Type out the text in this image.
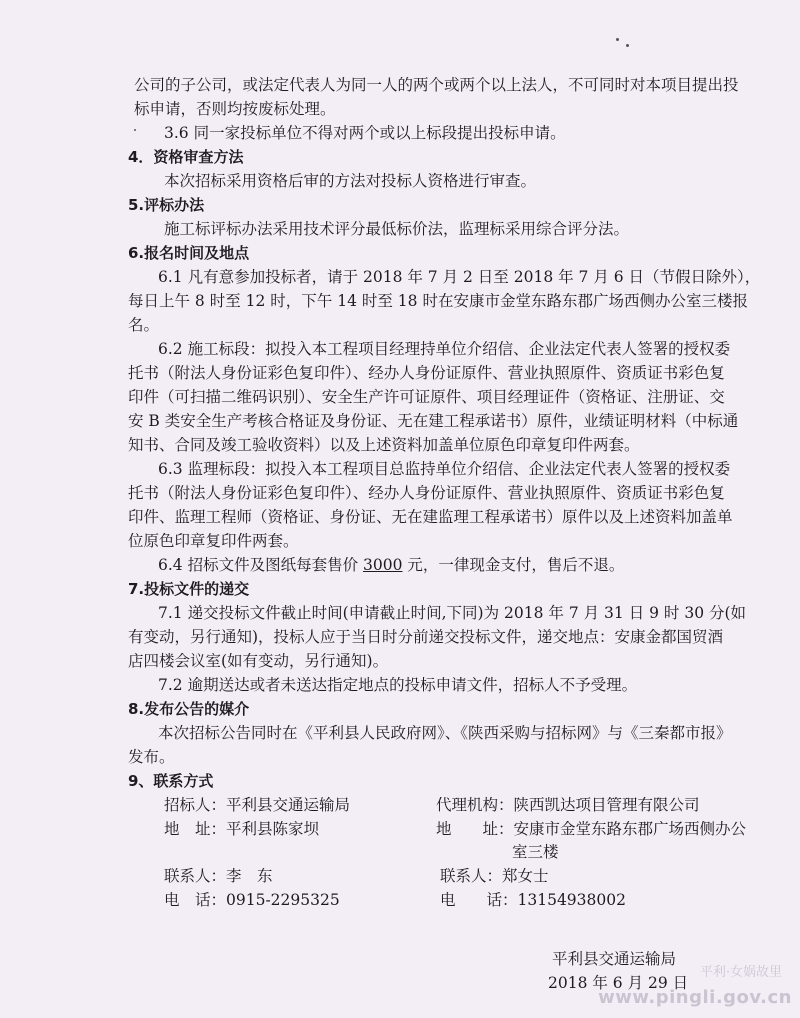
公司的子公司，或法定代表人为同一人的两个或两个以上法人，不可同时对本项目提出投
标申请，否则均按废标处理。
3.6 同一家投标单位不得对两个或以上标段提出投标申请。
4．资格审查方法
本次招标采用资格后审的方法对投标人资格进行审查。
5.评标办法
施工标评标办法采用技术评分最低标价法，监理标采用综合评分法。
6.报名时间及地点
6.1 凡有意参加投标者，请于 2018 年 7 月 2 日至 2018 年 7 月 6 日（节假日除外），
每日上午 8 时至 12 时，下午 14 时至 18 时在安康市金堂东路东郡广场西侧办公室三楼报
名。
6.2 施工标段：拟投入本工程项目经理持单位介绍信、企业法定代表人签署的授权委
托书（附法人身份证彩色复印件）、经办人身份证原件、营业执照原件、资质证书彩色复
印件（可扫描二维码识别）、安全生产许可证原件、项目经理证件（资格证、注册证、交
安 B 类安全生产考核合格证及身份证、无在建工程承诺书）原件，业绩证明材料（中标通
知书、合同及竣工验收资料）以及上述资料加盖单位原色印章复印件两套。
6.3 监理标段：拟投入本工程项目总监持单位介绍信、企业法定代表人签署的授权委
托书（附法人身份证彩色复印件）、经办人身份证原件、营业执照原件、资质证书彩色复
印件、监理工程师（资格证、身份证、无在建监理工程承诺书）原件以及上述资料加盖单
位原色印章复印件两套。
6.4 招标文件及图纸每套售价 3000 元，一律现金支付，售后不退。
7.投标文件的递交
7.1 递交投标文件截止时间(申请截止时间,下同)为 2018 年 7 月 31 日 9 时 30 分(如
有变动，另行通知)，投标人应于当日时分前递交投标文件，递交地点：安康金都国贸酒
店四楼会议室(如有变动，另行通知)。
7.2 逾期送达或者未送达指定地点的投标申请文件，招标人不予受理。
8.发布公告的媒介
本次招标公告同时在《平利县人民政府网》、《陕西采购与招标网》与《三秦都市报》
发布。
9、联系方式
招标人：平利县交通运输局
地　址：平利县陈家坝
联系人：李　东
电　话：0915-2295325
代理机构：陕西凯达项目管理有限公司
地　　址：安康市金堂东路东郡广场西侧办公
室三楼
联系人：郑女士
电　　话：13154938002
平利县交通运输局
2018 年 6 月 29 日
平利·女娲故里
www.pingli.gov.cn
